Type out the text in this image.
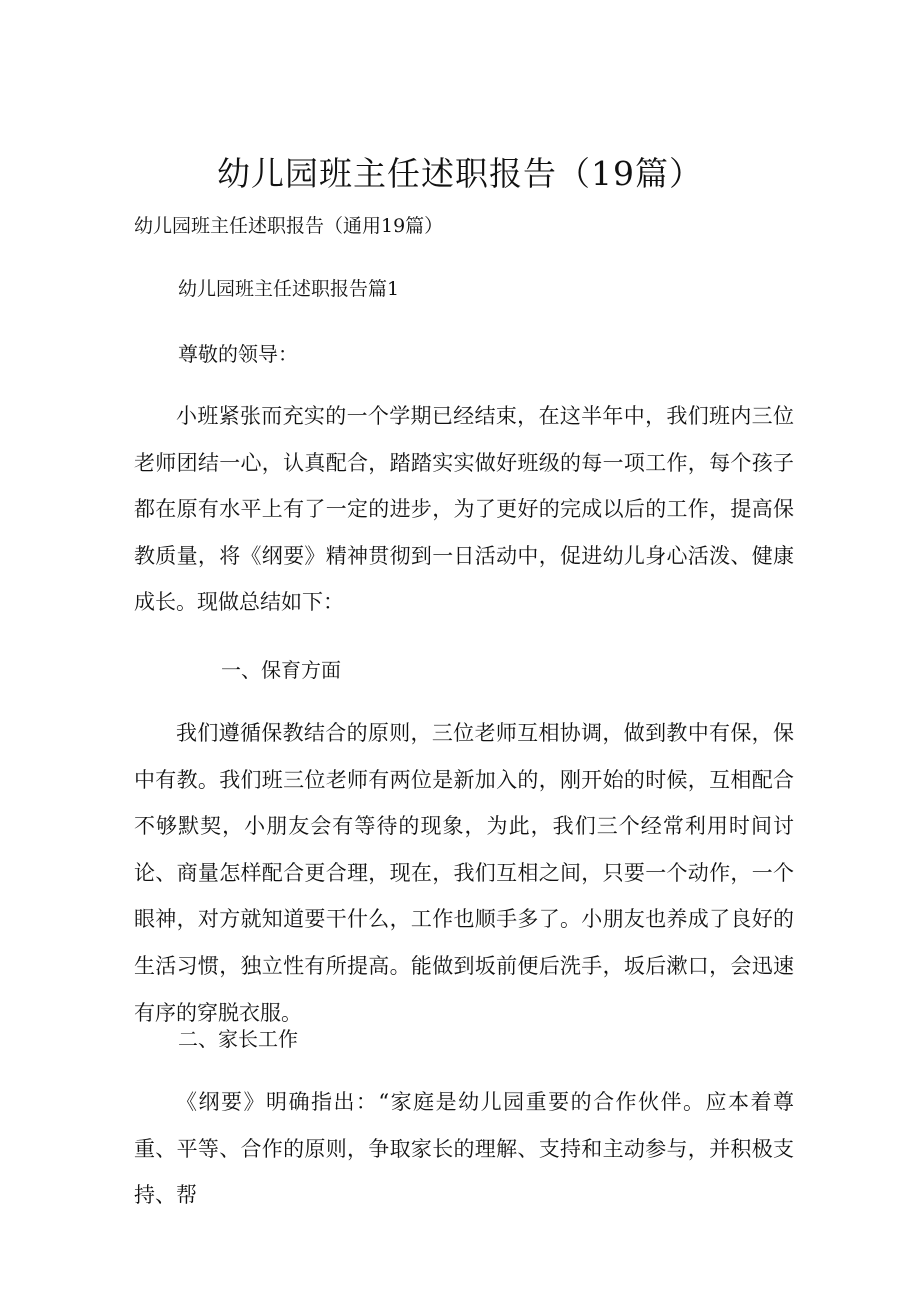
幼儿园班主任述职报告（19篇）
幼儿园班主任述职报告（通用19篇）
幼儿园班主任述职报告篇1
尊敬的领导：
小班紧张而充实的一个学期已经结束，在这半年中，我们班内三位老师团结一心，认真配合，踏踏实实做好班级的每一项工作，每个孩子都在原有水平上有了一定的进步，为了更好的完成以后的工作，提高保教质量，将《纲要》精神贯彻到一日活动中，促进幼儿身心活泼、健康成长。现做总结如下：
一、保育方面
我们遵循保教结合的原则，三位老师互相协调，做到教中有保，保中有教。我们班三位老师有两位是新加入的，刚开始的时候，互相配合不够默契，小朋友会有等待的现象，为此，我们三个经常利用时间讨论、商量怎样配合更合理，现在，我们互相之间，只要一个动作，一个眼神，对方就知道要干什么，工作也顺手多了。小朋友也养成了良好的生活习惯，独立性有所提高。能做到坂前便后洗手，坂后漱口，会迅速有序的穿脱衣服。
二、家长工作
《纲要》明确指出：“家庭是幼儿园重要的合作伙伴。应本着尊重、平等、合作的原则，争取家长的理解、支持和主动参与，并积极支持、帮
